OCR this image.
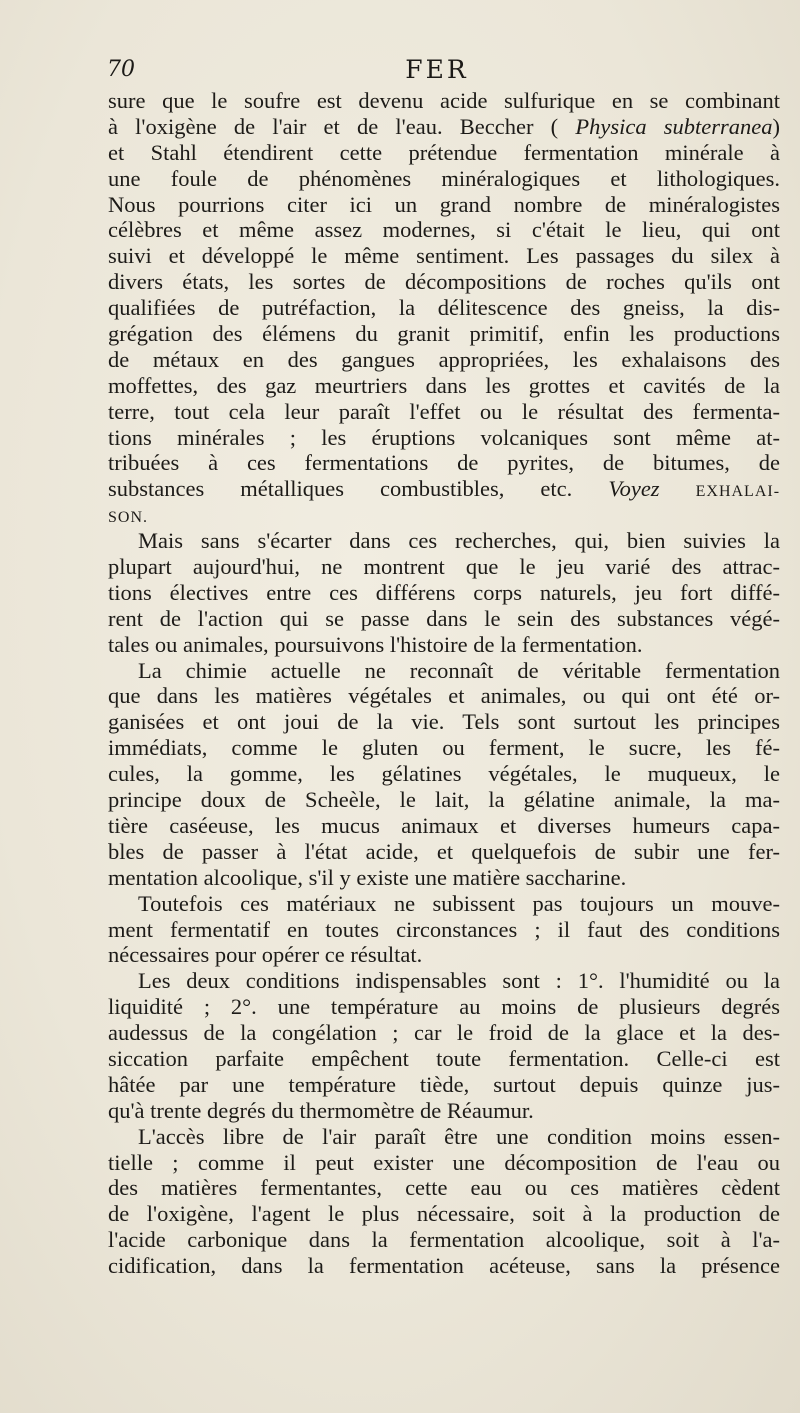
70	FER
sure que le soufre est devenu acide sulfurique en se combinant
à l'oxigène de l'air et de l'eau. Beccher ( Physica subterranea)
et Stahl étendirent cette prétendue fermentation minérale à
une foule de phénomènes minéralogiques et lithologiques.
Nous pourrions citer ici un grand nombre de minéralogistes
célèbres et même assez modernes, si c'était le lieu, qui ont
suivi et développé le même sentiment. Les passages du silex à
divers états, les sortes de décompositions de roches qu'ils ont
qualifiées de putréfaction, la délitescence des gneiss, la dis-
grégation des élémens du granit primitif, enfin les productions
de métaux en des gangues appropriées, les exhalaisons des
moffettes, des gaz meurtriers dans les grottes et cavités de la
terre, tout cela leur paraît l'effet ou le résultat des fermenta-
tions minérales ; les éruptions volcaniques sont même at-
tribuées à ces fermentations de pyrites, de bitumes, de
substances métalliques combustibles, etc. Voyez EXHALAI-
SON.
Mais sans s'écarter dans ces recherches, qui, bien suivies la
plupart aujourd'hui, ne montrent que le jeu varié des attrac-
tions électives entre ces différens corps naturels, jeu fort diffé-
rent de l'action qui se passe dans le sein des substances végé-
tales ou animales, poursuivons l'histoire de la fermentation.
La chimie actuelle ne reconnaît de véritable fermentation
que dans les matières végétales et animales, ou qui ont été or-
ganisées et ont joui de la vie. Tels sont surtout les principes
immédiats, comme le gluten ou ferment, le sucre, les fé-
cules, la gomme, les gélatines végétales, le muqueux, le
principe doux de Scheèle, le lait, la gélatine animale, la ma-
tière caséeuse, les mucus animaux et diverses humeurs capa-
bles de passer à l'état acide, et quelquefois de subir une fer-
mentation alcoolique, s'il y existe une matière saccharine.
Toutefois ces matériaux ne subissent pas toujours un mouve-
ment fermentatif en toutes circonstances ; il faut des conditions
nécessaires pour opérer ce résultat.
Les deux conditions indispensables sont : 1°. l'humidité ou la
liquidité ; 2°. une température au moins de plusieurs degrés
audessus de la congélation ; car le froid de la glace et la des-
siccation parfaite empêchent toute fermentation. Celle-ci est
hâtée par une température tiède, surtout depuis quinze jus-
qu'à trente degrés du thermomètre de Réaumur.
L'accès libre de l'air paraît être une condition moins essen-
tielle ; comme il peut exister une décomposition de l'eau ou
des matières fermentantes, cette eau ou ces matières cèdent
de l'oxigène, l'agent le plus nécessaire, soit à la production de
l'acide carbonique dans la fermentation alcoolique, soit à l'a-
cidification, dans la fermentation acéteuse, sans la présence
